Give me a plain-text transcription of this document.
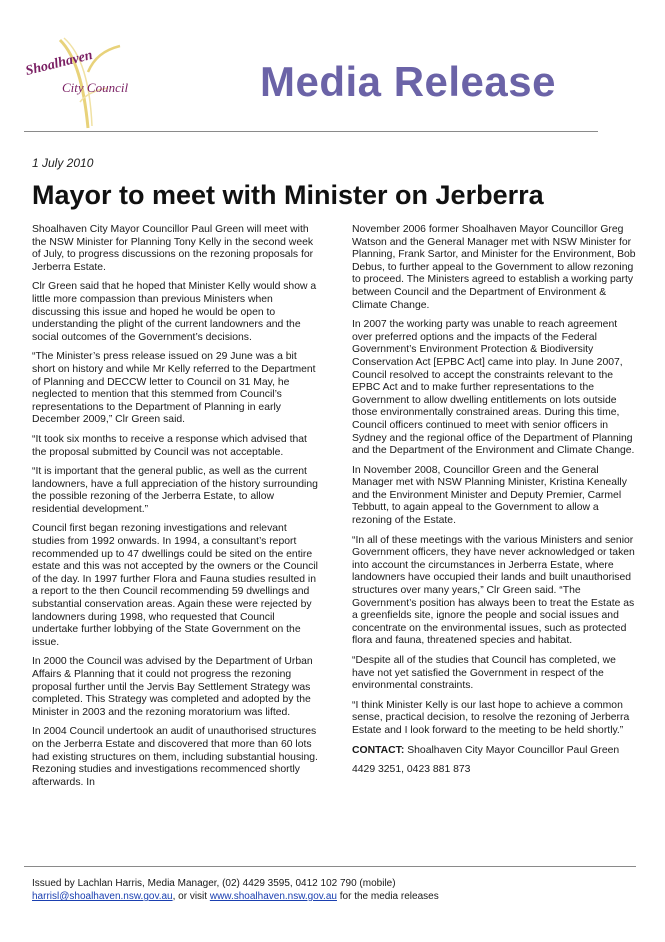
Shoalhaven
City Council	Media Release
1 July 2010
Mayor to meet with Minister on Jerberra

Shoalhaven City Mayor Councillor Paul Green will meet with the NSW Minister for Planning Tony Kelly in the second week of July, to progress discussions on the rezoning proposals for Jerberra Estate.

Clr Green said that he hoped that Minister Kelly would show a little more compassion than previous Ministers when discussing this issue and hoped he would be open to understanding the plight of the current landowners and the social outcomes of the Government’s decisions.

“The Minister’s press release issued on 29 June was a bit short on history and while Mr Kelly referred to the Department of Planning and DECCW letter to Council on 31 May, he neglected to mention that this stemmed from Council’s representations to the Department of Planning in early December 2009,” Clr Green said.

“It took six months to receive a response which advised that the proposal submitted by Council was not acceptable.

“It is important that the general public, as well as the current landowners, have a full appreciation of the history surrounding the possible rezoning of the Jerberra Estate, to allow residential development.”

Council first began rezoning investigations and relevant studies from 1992 onwards. In 1994, a consultant’s report recommended up to 47 dwellings could be sited on the entire estate and this was not accepted by the owners or the Council of the day. In 1997 further Flora and Fauna studies resulted in a report to the then Council recommending 59 dwellings and substantial conservation areas. Again these were rejected by landowners during 1998, who requested that Council undertake further lobbying of the State Government on the issue.

In 2000 the Council was advised by the Department of Urban Affairs & Planning that it could not progress the rezoning proposal further until the Jervis Bay Settlement Strategy was completed. This Strategy was completed and adopted by the Minister in 2003 and the rezoning moratorium was lifted.

In 2004 Council undertook an audit of unauthorised structures on the Jerberra Estate and discovered that more than 60 lots had existing structures on them, including substantial housing. Rezoning studies and investigations recommenced shortly afterwards. In

November 2006 former Shoalhaven Mayor Councillor Greg Watson and the General Manager met with NSW Minister for Planning, Frank Sartor, and Minister for the Environment, Bob Debus, to further appeal to the Government to allow rezoning to proceed. The Ministers agreed to establish a working party between Council and the Department of Environment & Climate Change.

In 2007 the working party was unable to reach agreement over preferred options and the impacts of the Federal Government’s Environment Protection & Biodiversity Conservation Act [EPBC Act] came into play. In June 2007, Council resolved to accept the constraints relevant to the EPBC Act and to make further representations to the Government to allow dwelling entitlements on lots outside those environmentally constrained areas. During this time, Council officers continued to meet with senior officers in Sydney and the regional office of the Department of Planning and the Department of the Environment and Climate Change.

In November 2008, Councillor Green and the General Manager met with NSW Planning Minister, Kristina Keneally and the Environment Minister and Deputy Premier, Carmel Tebbutt, to again appeal to the Government to allow a rezoning of the Estate.

“In all of these meetings with the various Ministers and senior Government officers, they have never acknowledged or taken into account the circumstances in Jerberra Estate, where landowners have occupied their lands and built unauthorised structures over many years,” Clr Green said. “The Government’s position has always been to treat the Estate as a greenfields site, ignore the people and social issues and concentrate on the environmental issues, such as protected flora and fauna, threatened species and habitat.

“Despite all of the studies that Council has completed, we have not yet satisfied the Government in respect of the environmental constraints.

“I think Minister Kelly is our last hope to achieve a common sense, practical decision, to resolve the rezoning of Jerberra Estate and I look forward to the meeting to be held shortly.”

CONTACT: Shoalhaven City Mayor Councillor Paul Green

4429 3251, 0423 881 873

Issued by Lachlan Harris, Media Manager, (02) 4429 3595, 0412 102 790 (mobile)
harrisl@shoalhaven.nsw.gov.au, or visit www.shoalhaven.nsw.gov.au for the media releases
